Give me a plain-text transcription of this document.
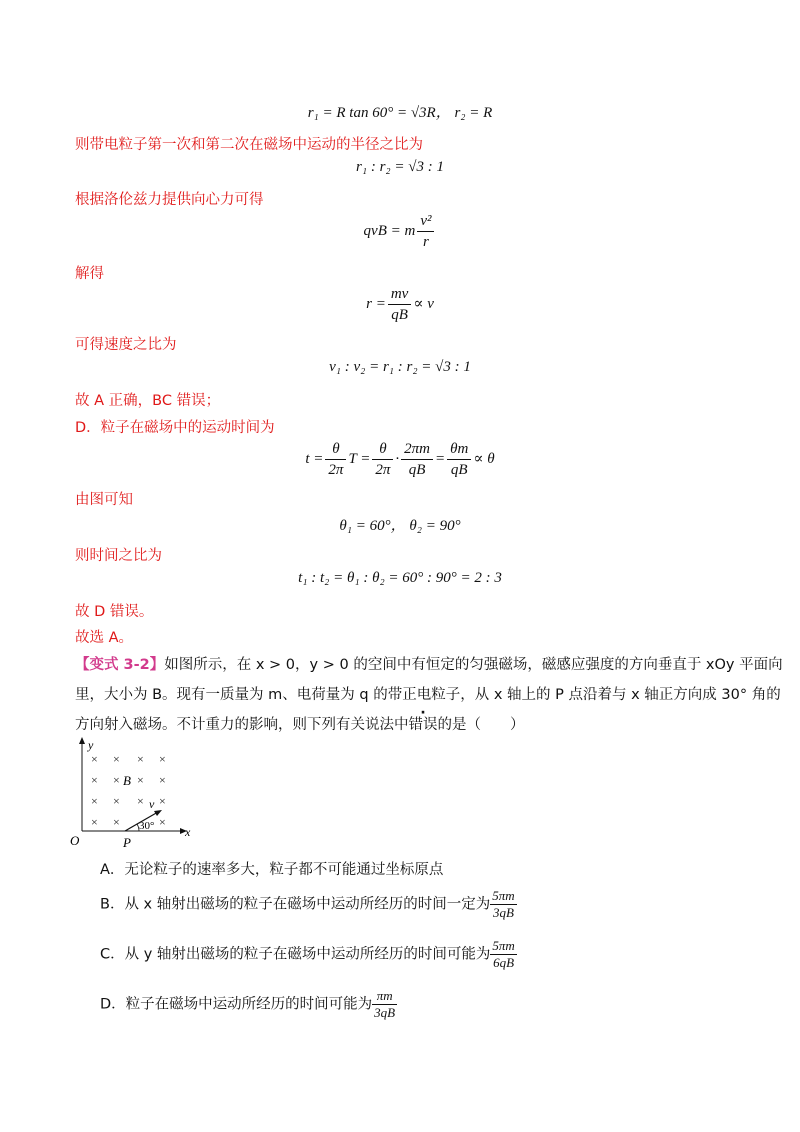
r₁ = R tan 60° = √3R， r₂ = R
则带电粒子第一次和第二次在磁场中运动的半径之比为
r₁ : r₂ = √3 : 1
根据洛伦兹力提供向心力可得
qvB = m $\frac{\text{v²}}{r}$
解得
$r = \frac{mv}{qB} \propto v$
可得速度之比为
v₁ : v₂ = r₁ : r₂ = √3 : 1
故 A 正确，BC 错误；
D．粒子在磁场中的运动时间为
$t = \frac{\theta}{2\pi}$ $T = \frac{\theta}{2\pi} \cdot \frac{2\pi m}{qB} = \frac{\theta m}{qB} \propto \theta$
由图可知
θ₁ = 60°， θ₂ = 90°
则时间之比为
t₁ : t₂ = θ₁ : θ₂ = 60° : 90° = 2 : 3
故 D 错误。
故选 A。
【变式 3-2】如图所示，在 x > 0，y > 0 的空间中有恒定的匀强磁场，磁感应强度的方向垂直于 xOy 平面向
里，大小为 B。现有一质量为 m、电荷量为 q 的带正电粒子，从 x 轴上的 P 点沿着与 x 轴正方向成 30° 角的
方向射入磁场。不计重力的影响，则下列有关说法中错误的是（　　）
y
x
O	P
B
v
30°
× × × ×
× × × ×
× × × ×
× ×	×
A．无论粒子的速率多大，粒子都不可能通过坐标原点
B．从 x 轴射出磁场的粒子在磁场中运动所经历的时间一定为 $\frac{5\pi m}{3qB}$
C．从 y 轴射出磁场的粒子在磁场中运动所经历的时间可能为 $\frac{5\pi m}{6qB}$
D．粒子在磁场中运动所经历的时间可能为 $\frac{\pi m}{3qB}$
